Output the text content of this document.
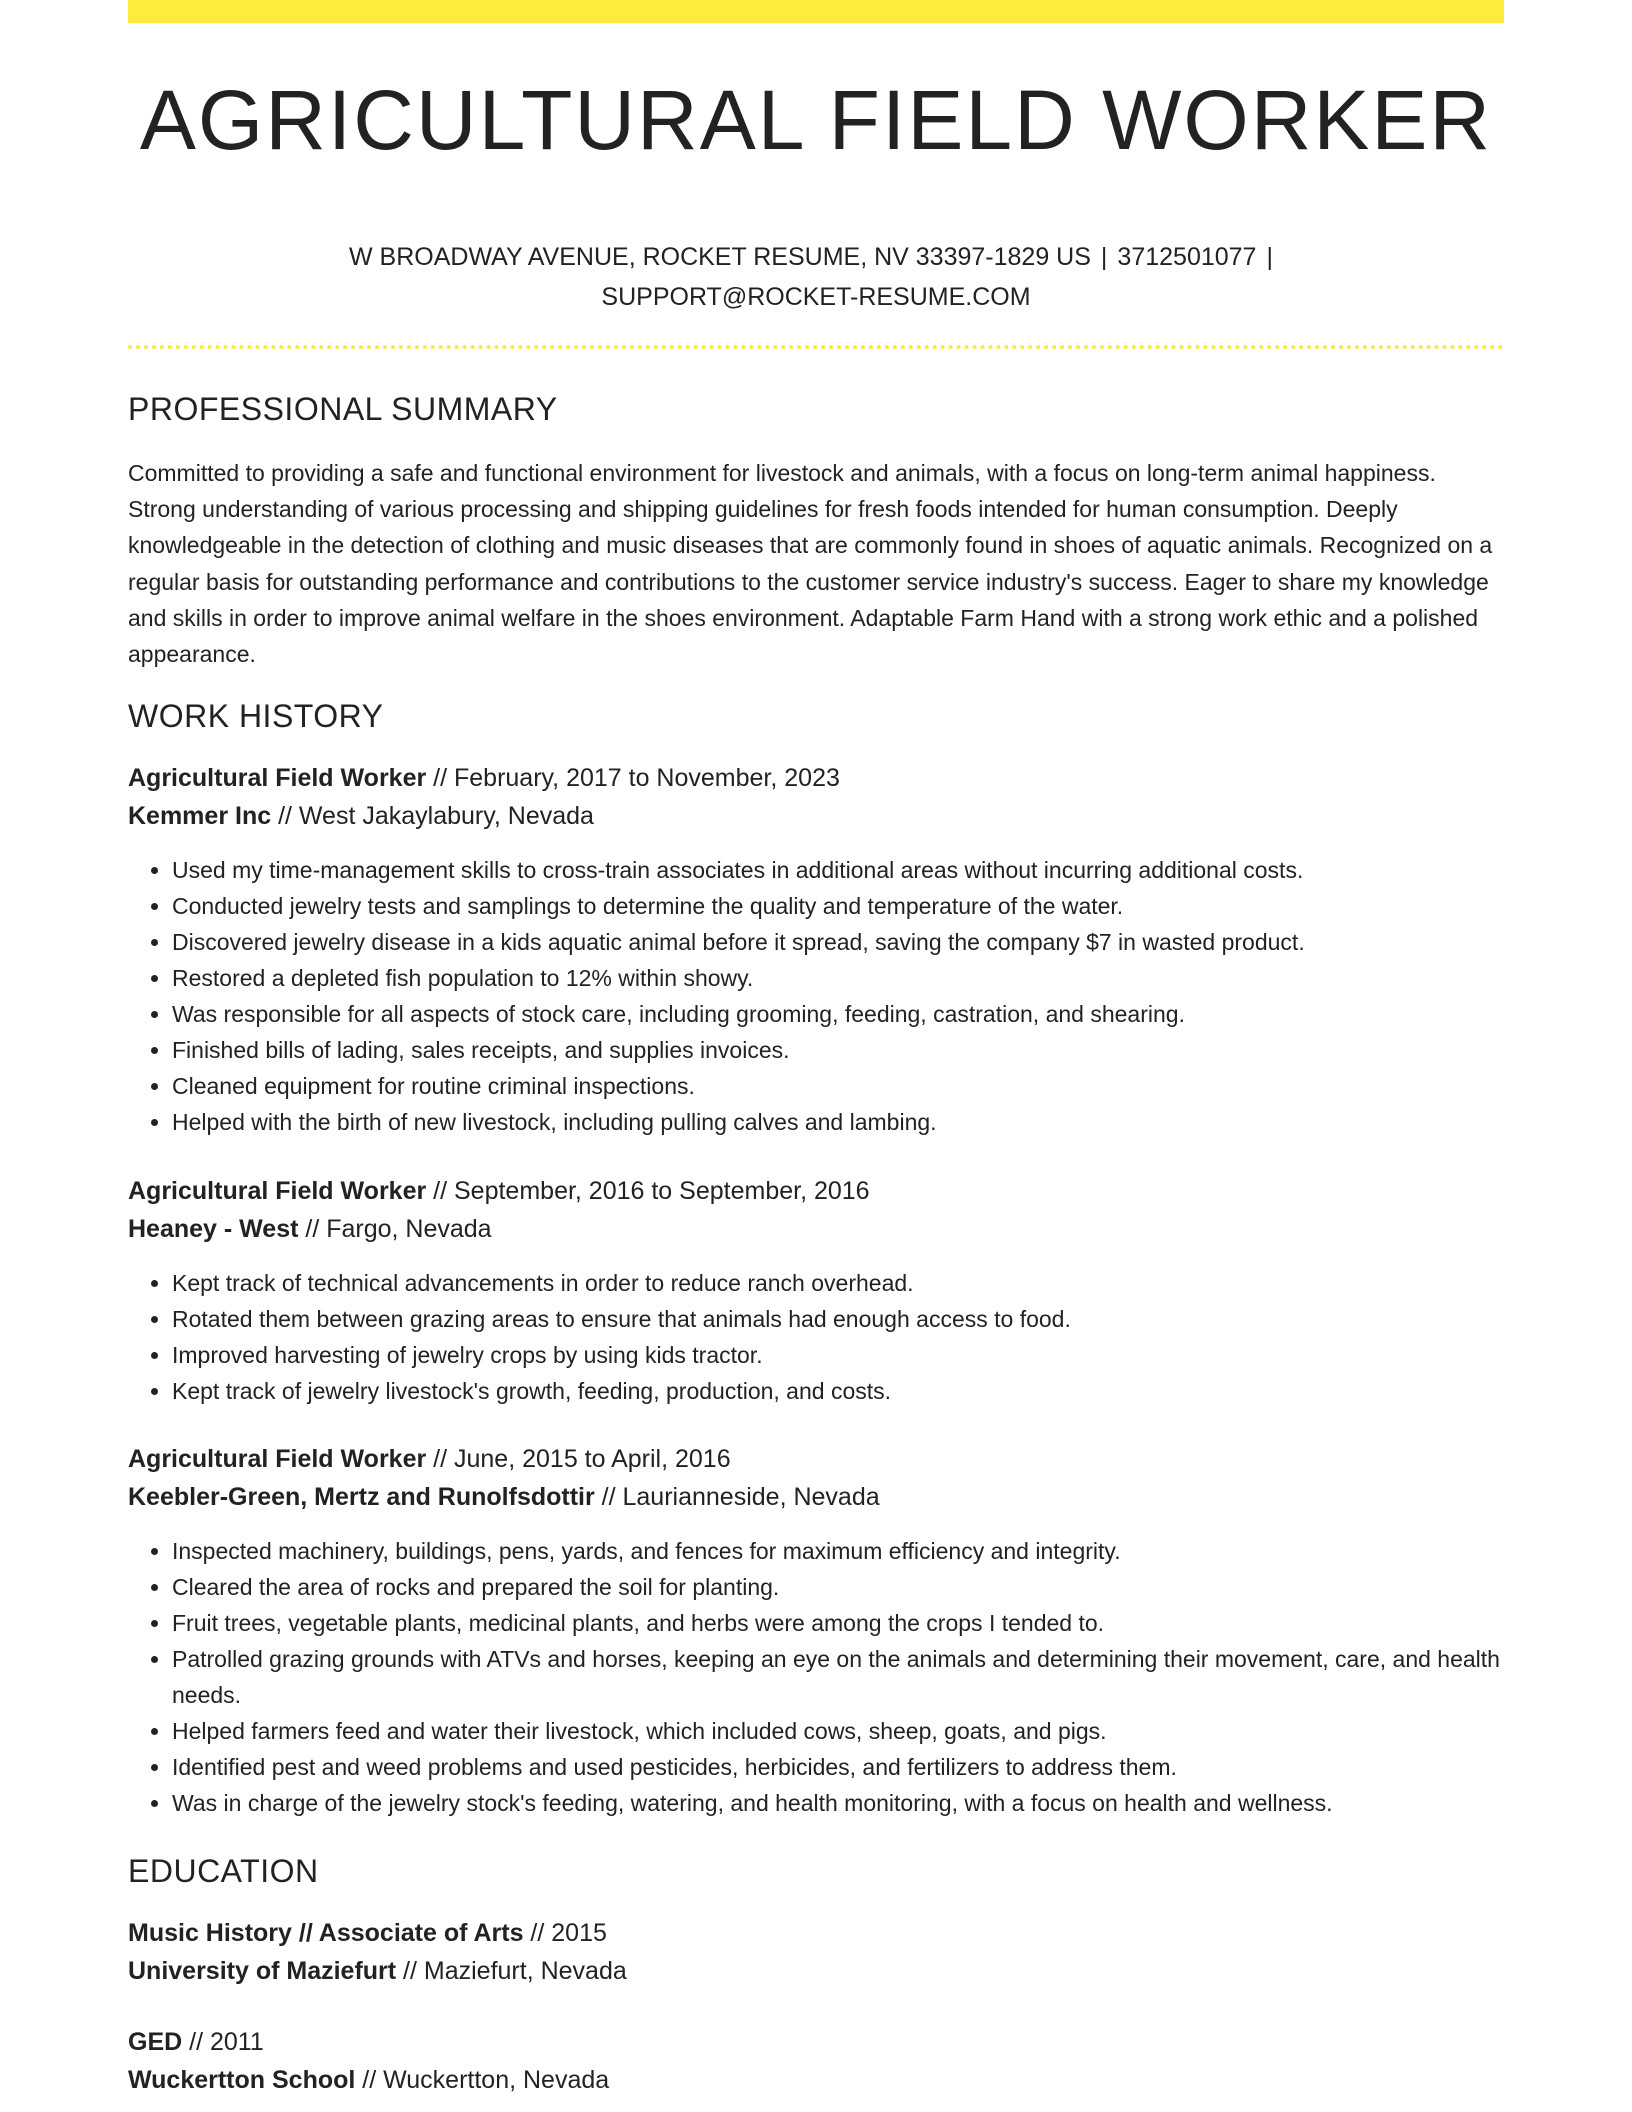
AGRICULTURAL FIELD WORKER
W BROADWAY AVENUE, ROCKET RESUME, NV 33397-1829 US | 3712501077 |
SUPPORT@ROCKET-RESUME.COM
PROFESSIONAL SUMMARY

Committed to providing a safe and functional environment for livestock and animals, with a focus on long-term animal happiness. Strong understanding of various processing and shipping guidelines for fresh foods intended for human consumption. Deeply knowledgeable in the detection of clothing and music diseases that are commonly found in shoes of aquatic animals. Recognized on a regular basis for outstanding performance and contributions to the customer service industry's success. Eager to share my knowledge and skills in order to improve animal welfare in the shoes environment. Adaptable Farm Hand with a strong work ethic and a polished appearance.

WORK HISTORY
Agricultural Field Worker // February, 2017 to November, 2023
Kemmer Inc // West Jakaylabury, Nevada
• Used my time-management skills to cross-train associates in additional areas without incurring additional costs.
• Conducted jewelry tests and samplings to determine the quality and temperature of the water.
• Discovered jewelry disease in a kids aquatic animal before it spread, saving the company $7 in wasted product.
• Restored a depleted fish population to 12% within showy.
• Was responsible for all aspects of stock care, including grooming, feeding, castration, and shearing.
• Finished bills of lading, sales receipts, and supplies invoices.
• Cleaned equipment for routine criminal inspections.
• Helped with the birth of new livestock, including pulling calves and lambing.
Agricultural Field Worker // September, 2016 to September, 2016
Heaney - West // Fargo, Nevada
• Kept track of technical advancements in order to reduce ranch overhead.
• Rotated them between grazing areas to ensure that animals had enough access to food.
• Improved harvesting of jewelry crops by using kids tractor.
• Kept track of jewelry livestock's growth, feeding, production, and costs.
Agricultural Field Worker // June, 2015 to April, 2016
Keebler-Green, Mertz and Runolfsdottir // Laurianneside, Nevada
• Inspected machinery, buildings, pens, yards, and fences for maximum efficiency and integrity.
• Cleared the area of rocks and prepared the soil for planting.
• Fruit trees, vegetable plants, medicinal plants, and herbs were among the crops I tended to.
• Patrolled grazing grounds with ATVs and horses, keeping an eye on the animals and determining their movement, care, and health needs.
• Helped farmers feed and water their livestock, which included cows, sheep, goats, and pigs.
• Identified pest and weed problems and used pesticides, herbicides, and fertilizers to address them.
• Was in charge of the jewelry stock's feeding, watering, and health monitoring, with a focus on health and wellness.
EDUCATION
Music History // Associate of Arts // 2015
University of Maziefurt // Maziefurt, Nevada
GED // 2011
Wuckertton School // Wuckertton, Nevada
